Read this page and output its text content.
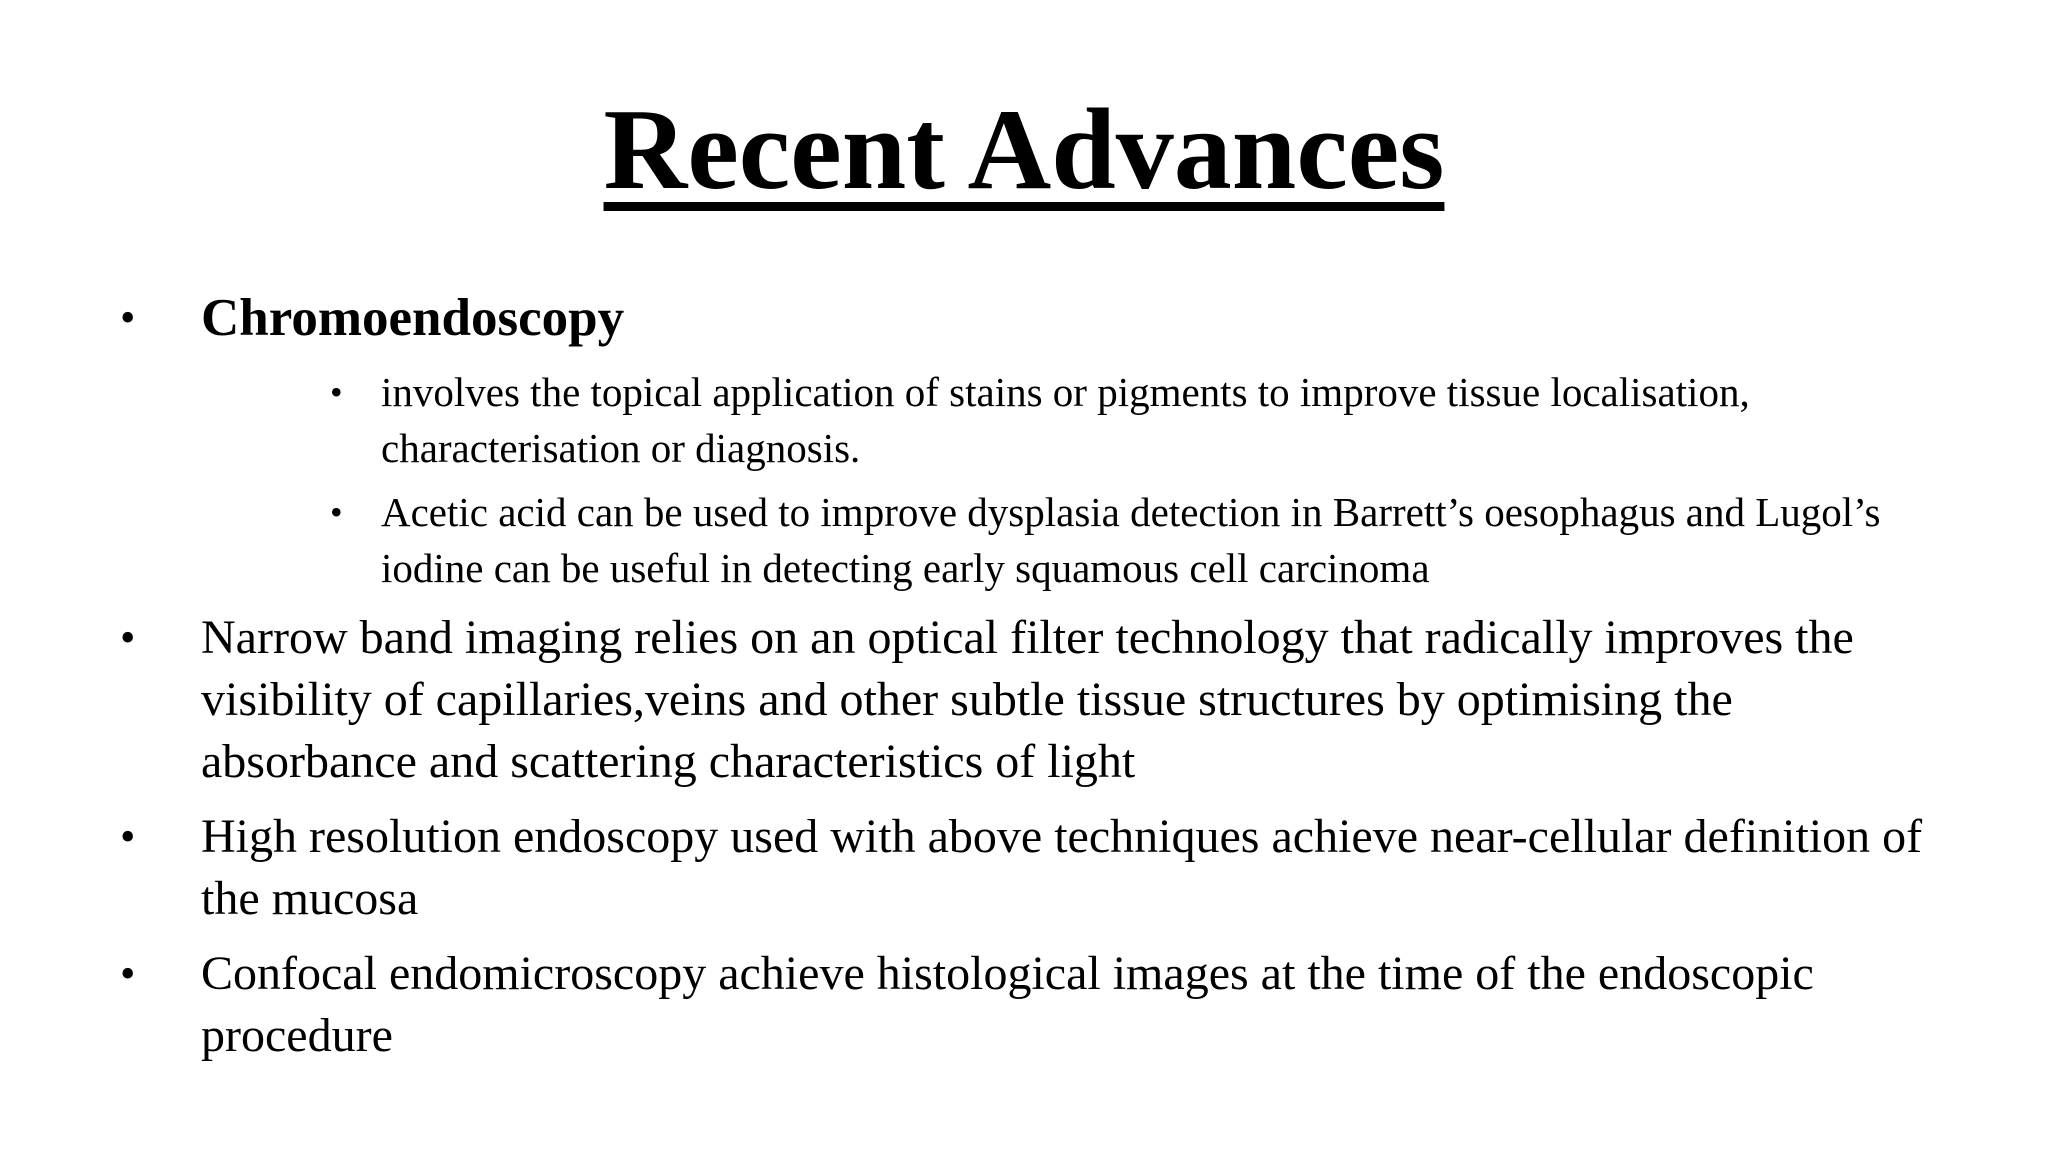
Recent Advances
• Chromoendoscopy
• involves the topical application of stains or pigments to improve tissue localisation, characterisation or diagnosis.
• Acetic acid can be used to improve dysplasia detection in Barrett’s oesophagus and Lugol’s iodine can be useful in detecting early squamous cell carcinoma
• Narrow band imaging relies on an optical filter technology that radically improves the visibility of capillaries,veins and other subtle tissue structures by optimising the absorbance and scattering characteristics of light
• High resolution endoscopy used with above techniques achieve near-cellular definition of the mucosa
• Confocal endomicroscopy achieve histological images at the time of the endoscopic procedure
